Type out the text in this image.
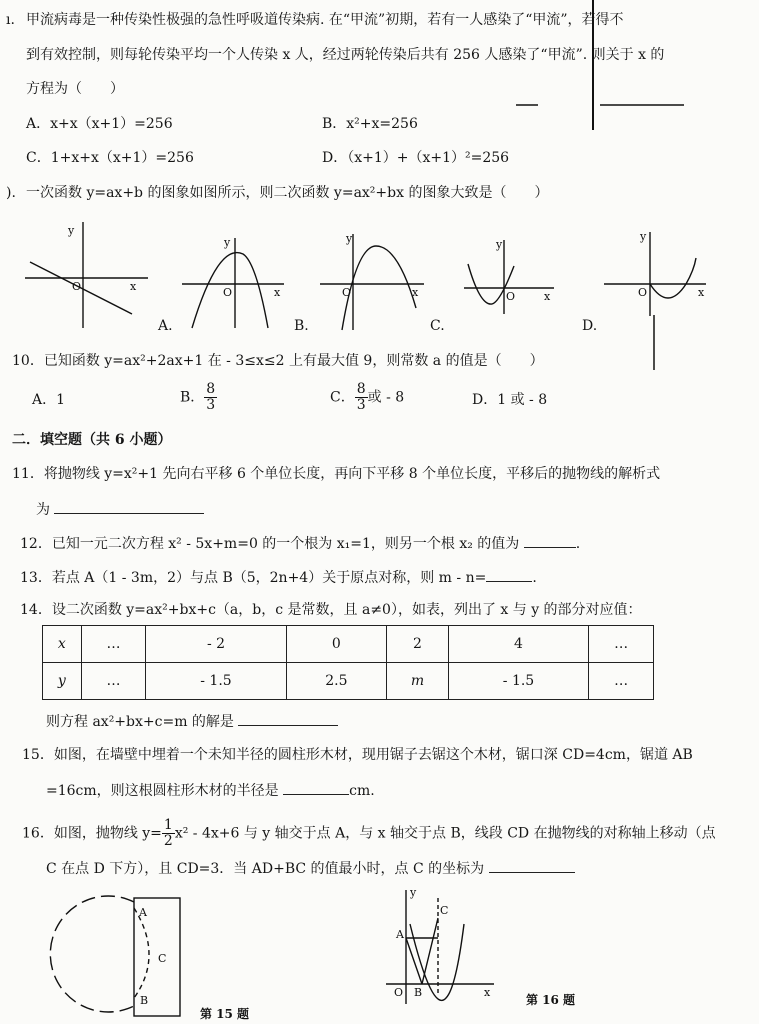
ı. 甲流病毒是一种传染性极强的急性呼吸道传染病. 在“甲流”初期，若有一人感染了“甲流”，若得不
到有效控制，则每轮传染平均一个人传染 x 人，经过两轮传染后共有 256 人感染了“甲流”. 则关于 x 的
方程为（　　）
A．x+x（x+1）=256	B．x²+x=256
C．1+x+x（x+1）=256	D．（x+1）+（x+1）²=256
). 一次函数 y=ax+b 的图象如图所示，则二次函数 y=ax²+bx 的图象大致是（　　）
y
x
O
y
x
O
A.
y
x
O
B.
y
x
O
C.
y
x
O
D.
10．已知函数 y=ax²+2ax+1 在 - 3≤x≤2 上有最大值 9，则常数 a 的值是（　　）
A．1	B． $\frac{8}{3}$	C． $\frac{8}{3}$ 或 - 8	D．1 或 - 8
二．填空题（共 6 小题）
11．将抛物线 y=x²+1 先向右平移 6 个单位长度，再向下平移 8 个单位长度，平移后的抛物线的解析式
为
12．已知一元二次方程 x² - 5x+m=0 的一个根为 x₁=1，则另一个根 x₂ 的值为	.
13．若点 A（1 - 3m，2）与点 B（5，2n+4）关于原点对称，则 m - n=	.
14．设二次函数 y=ax²+bx+c（a，b，c 是常数，且 a≠0），如表，列出了 x 与 y 的部分对应值：
x	…	- 2	0	2	4	…
y	…	- 1.5	2.5	m	- 1.5	…
则方程 ax²+bx+c=m 的解是
15．如图，在墙壁中埋着一个未知半径的圆柱形木材，现用锯子去锯这个木材，锯口深 CD=4cm，锯道 AB
=16cm，则这根圆柱形木材的半径是	cm.
16．如图，抛物线 $y= \frac{1}{2} x^2 - 4x+6$ 与 y 轴交于点 A，与 x 轴交于点 B，线段 CD 在抛物线的对称轴上移动（点
C 在点 D 下方），且 CD=3．当 AD+BC 的值最小时，点 C 的坐标为
A
C
B
第 15 题
A
C
B
O
y
x
第 16 题
